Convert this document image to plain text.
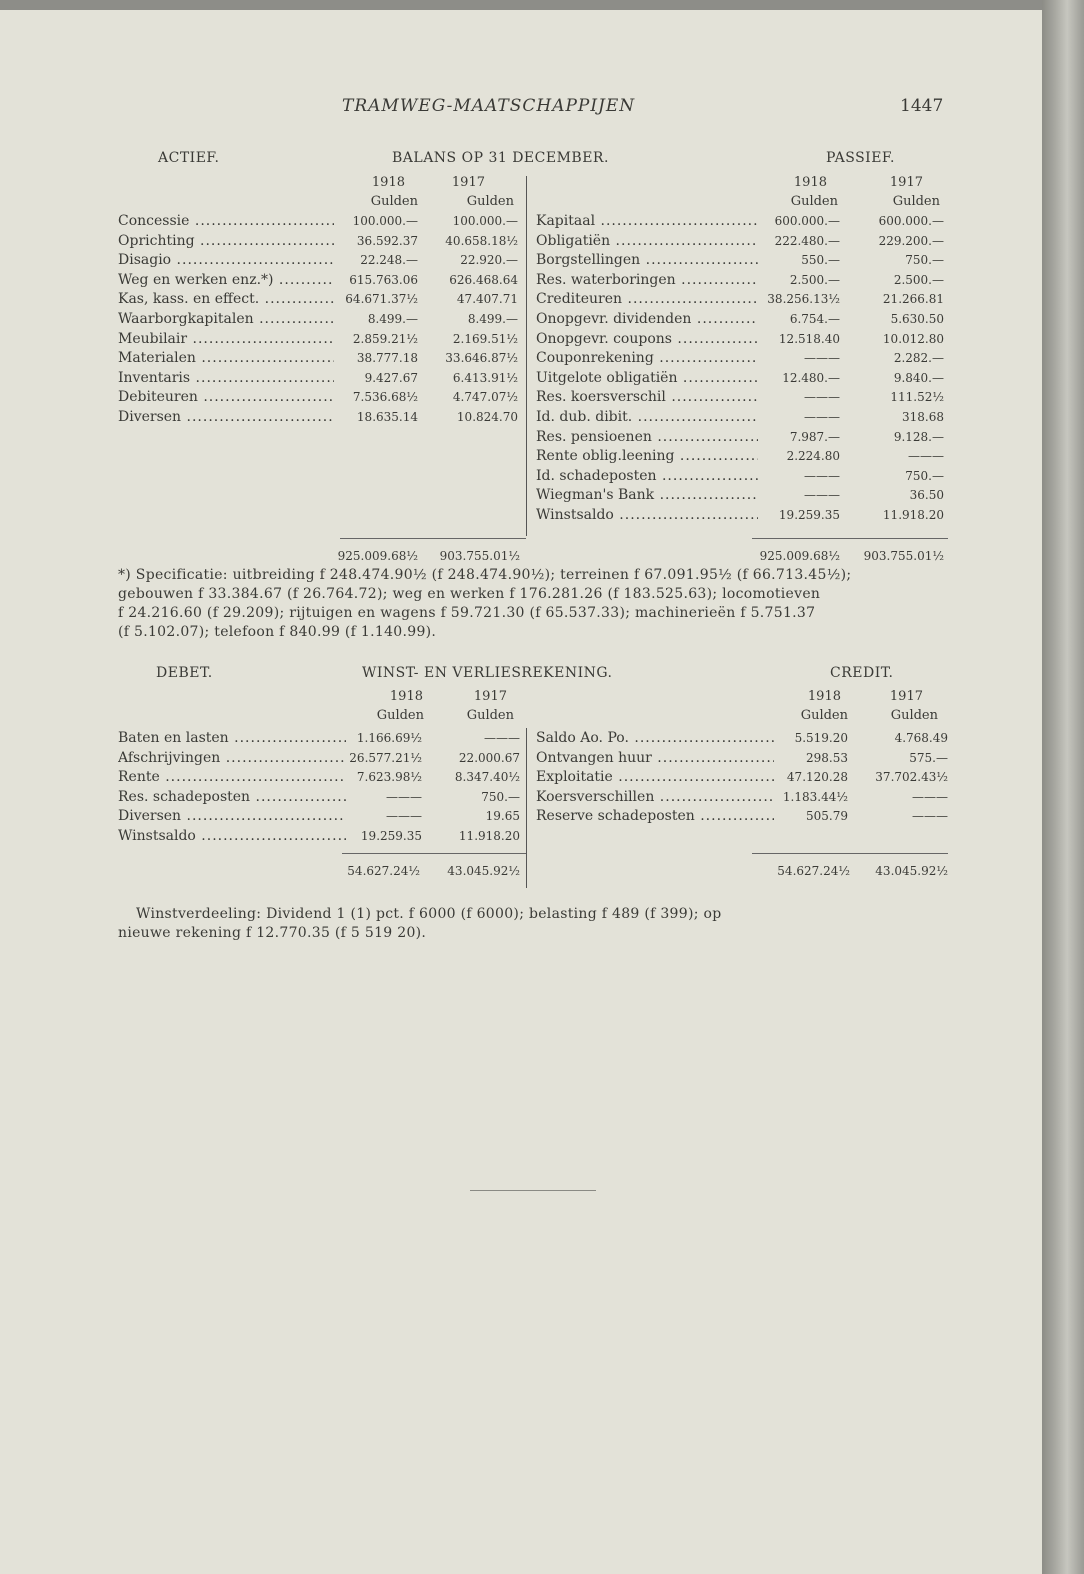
TRAMWEG-MAATSCHAPPIJEN	1447
ACTIEF.	BALANS OP 31 DECEMBER.	PASSIEF.
1918	1917
Gulden	Gulden
1918	1917
Gulden	Gulden
Concessie .....	100.000.—	100.000.—
Oprichting .....	36.592.37	40.658.18½
Disagio .....	22.248.—	22.920.—
Weg en werken enz.*) .....	615.763.06	626.468.64
Kas, kass. en effect. .....	64.671.37½	47.407.71
Waarborgkapitalen .....	8.499.—	8.499.—
Meubilair .....	2.859.21½	2.169.51½
Materialen .....	38.777.18	33.646.87½
Inventaris .....	9.427.67	6.413.91½
Debiteuren .....	7.536.68½	4.747.07½
Diversen .....	18.635.14	10.824.70
Kapitaal .....	600.000.—	600.000.—
Obligatiën .....	222.480.—	229.200.—
Borgstellingen .....	550.—	750.—
Res. waterboringen .....	2.500.—	2.500.—
Crediteuren .....	38.256.13½	21.266.81
Onopgevr. dividenden .....	6.754.—	5.630.50
Onopgevr. coupons .....	12.518.40	10.012.80
Couponrekening .....	———	2.282.—
Uitgelote obligatiën .....	12.480.—	9.840.—
Res. koersverschil .....	———	111.52½
Id. dub. dibit. .....	———	318.68
Res. pensioenen .....	7.987.—	9.128.—
Rente oblig.leening .....	2.224.80	———
Id. schadeposten .....	———	750.—
Wiegman's Bank .....	———	36.50
Winstsaldo .....	19.259.35	11.918.20
925.009.68½	903.755.01½	925.009.68½	903.755.01½
*) Specificatie: uitbreiding f 248.474.90½ (f 248.474.90½); terreinen f 67.091.95½ (f 66.713.45½);
gebouwen f 33.384.67 (f 26.764.72); weg en werken f 176.281.26 (f 183.525.63); locomotieven
f 24.216.60 (f 29.209); rijtuigen en wagens f 59.721.30 (f 65.537.33); machinerieën f 5.751.37
(f 5.102.07); telefoon f 840.99 (f 1.140.99).
DEBET.	WINST- EN VERLIESREKENING.	CREDIT.
1918	1917
Gulden	Gulden
1918	1917
Gulden	Gulden
Baten en lasten .....	1.166.69½	———
Afschrijvingen .....	26.577.21½	22.000.67
Rente .....	7.623.98½	8.347.40½
Res. schadeposten .....	———	750.—
Diversen .....	———	19.65
Winstsaldo .....	19.259.35	11.918.20
Saldo Ao. Po. .....	5.519.20	4.768.49
Ontvangen huur .....	298.53	575.—
Exploitatie .....	47.120.28	37.702.43½
Koersverschillen .....	1.183.44½	———
Reserve schadeposten .....	505.79	———
54.627.24½	43.045.92½	54.627.24½	43.045.92½
Winstverdeeling: Dividend 1 (1) pct. f 6000 (f 6000); belasting f 489 (f 399); op
nieuwe rekening f 12.770.35 (f 5 519 20).
